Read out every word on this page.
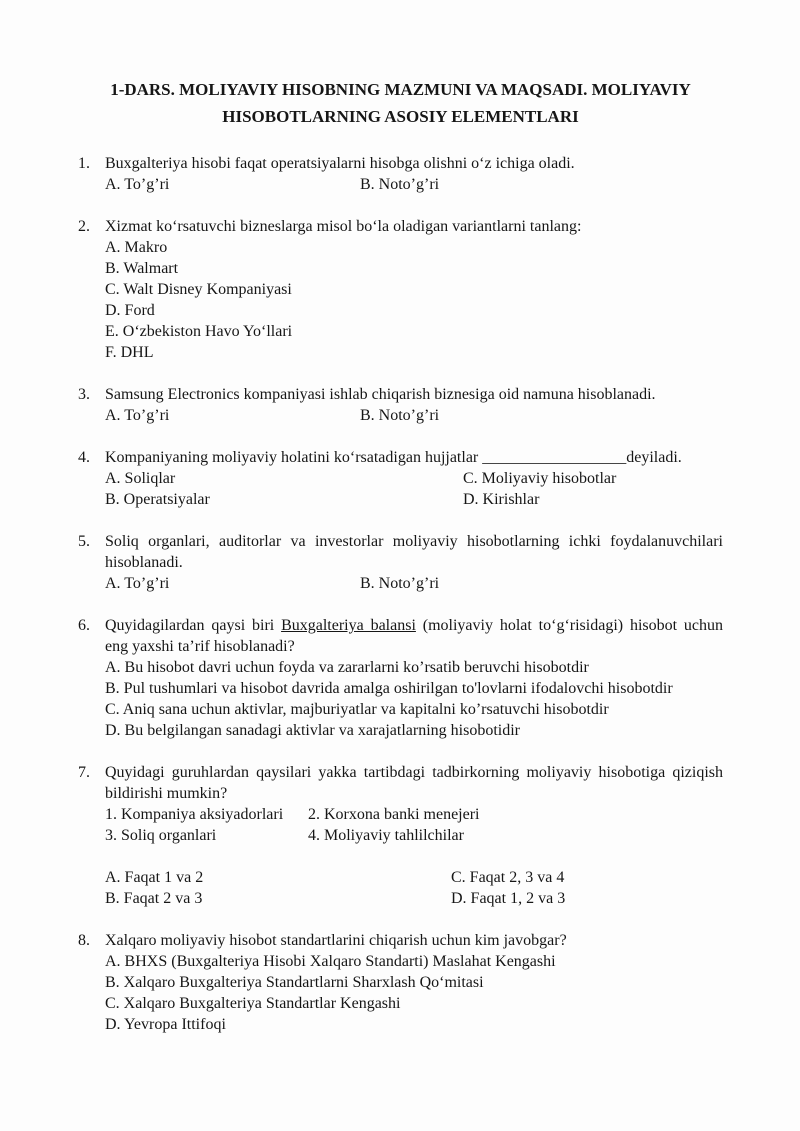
1-DARS. MOLIYAVIY HISOBNING MAZMUNI VA MAQSADI. MOLIYAVIY
HISOBOTLARNING ASOSIY ELEMENTLARI
1. Buxgalteriya hisobi faqat operatsiyalarni hisobga olishni o‘z ichiga oladi.
A. To’g’ri	B. Noto’g’ri
2. Xizmat ko‘rsatuvchi bizneslarga misol bo‘la oladigan variantlarni tanlang:
A. Makro
B. Walmart
C. Walt Disney Kompaniyasi
D. Ford
E. O‘zbekiston Havo Yo‘llari
F. DHL
3. Samsung Electronics kompaniyasi ishlab chiqarish biznesiga oid namuna hisoblanadi.
A. To’g’ri	B. Noto’g’ri
4. Kompaniyaning moliyaviy holatini ko‘rsatadigan hujjatlar __________________deyiladi.
A. Soliqlar	C. Moliyaviy hisobotlar
B. Operatsiyalar	D. Kirishlar
5. Soliq organlari, auditorlar va investorlar moliyaviy hisobotlarning ichki foydalanuvchilari hisoblanadi.
A. To’g’ri	B. Noto’g’ri
6. Quyidagilardan qaysi biri Buxgalteriya balansi (moliyaviy holat to‘g‘risidagi) hisobot uchun eng yaxshi ta’rif hisoblanadi?
A. Bu hisobot davri uchun foyda va zararlarni ko’rsatib beruvchi hisobotdir
B. Pul tushumlari va hisobot davrida amalga oshirilgan to'lovlarni ifodalovchi hisobotdir
C. Aniq sana uchun aktivlar, majburiyatlar va kapitalni ko’rsatuvchi hisobotdir
D. Bu belgilangan sanadagi aktivlar va xarajatlarning hisobotidir
7. Quyidagi guruhlardan qaysilari yakka tartibdagi tadbirkorning moliyaviy hisobotiga qiziqish bildirishi mumkin?
1. Kompaniya aksiyadorlari	2. Korxona banki menejeri
3. Soliq organlari	4. Moliyaviy tahlilchilar
A. Faqat 1 va 2	C. Faqat 2, 3 va 4
B. Faqat 2 va 3	D. Faqat 1, 2 va 3
8. Xalqaro moliyaviy hisobot standartlarini chiqarish uchun kim javobgar?
A. BHXS (Buxgalteriya Hisobi Xalqaro Standarti) Maslahat Kengashi
B. Xalqaro Buxgalteriya Standartlarni Sharxlash Qo‘mitasi
C. Xalqaro Buxgalteriya Standartlar Kengashi
D. Yevropa Ittifoqi
